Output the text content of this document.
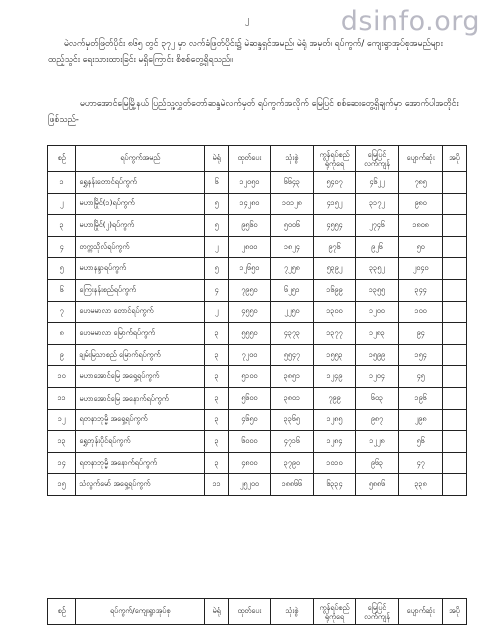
၂	dsinfo.org

မဲလက်မှတ်ဖြတ်ပိုင်း ၈၆၅ တွင် ၃၇၂ မှာ လက်ခံဖြတ်ပိုင်း၌ မဲဆန္ဒရှင်အမည်၊ မဲရုံ အမှတ်၊ ရပ်ကွက်/ ကျေးရွာအုပ်စုအမည်များ ထည့်သွင်း ရေးသားထားခြင်း မရှိကြောင်း စိစစ်တွေ့ရှိရသည်။

မဟာအောင်မြေမြို့နယ် ပြည်သူ့လွှတ်တော်ဆန္ဒမဲလက်မှတ် ရပ်ကွက်အလိုက် မြေပြင် စစ်ဆေးတွေ့ရှိချက်မှာ အောက်ပါအတိုင်းဖြစ်သည်-

စဉ်	ရပ်ကွက်အမည်	မဲရုံ	ထုတ်ပေး	သုံးစွဲ	ကွန်ရပ်စည်
ရုံကုံရေ	မြေပြင်
လက်ကျန်	ပျောက်ဆုံး	အပို
၁	ရွှေနန်းတောင်ရပ်ကွက်	၆	၁၂၀၅၀	၆၆၄၃	၅၄၀၇	၄၆၂၂	၇၈၅	
၂	မဟာမြိုင်(၁)ရပ်ကွက်	၅	၁၄၂၈၀	၁၀၁၂၈	၄၁၅၂	၃၁၇၂	၉၈၀	
၃	မဟာမြိုင်(၂)ရပ်ကွက်	၅	၉၅၆၀	၅၀၀၆	၄၅၅၄	၂၇၄၆	၁၈၀၈	
၄	တက္ကသိုလ်ရပ်ကွက်	၂	၂၈၀၀	၁၈၂၄	၉၇၆	၉၂၆	၅၀	
၅	မဟာနန္ဒာရပ်ကွက်	၅	၁၂၆၅၀	၇၂၅၈	၅၃၉၂	၃၃၅၂	၂၀၄၀	
၆	ကြေးနန်းစည်ရပ်ကွက်	၄	၇၉၅၀	၆၂၅၁	၁၆၉၉	၁၃၅၅	၃၄၄	
၇	ဟေမမာလာ တောင်ရပ်ကွက်	၂	၄၅၅၀	၂၂၅၀	၁၃၀၀	၁၂၀၀	၁၀၀	
၈	ဟေမမာလာ မြောက်ရပ်ကွက်	၃	၅၅၅၀	၄၃၇၃	၁၃၇၇	၁၂၈၃	၉၄	
၉	ချမ်းမြသာစည် မြောက်ရပ်ကွက်	၃	၇၂၀၀	၅၅၄၇	၁၅၅၃	၁၅၉၉	၁၅၄	
၁၀	မဟာအောင်မြေ အရှေ့ရပ်ကွက်	၃	၅၁၀၀	၃၈၅၁	၁၂၄၉	၁၂၀၄	၄၅	
၁၁	မဟာအောင်မြေ အနောက်ရပ်ကွက်	၃	၅၆၀၀	၃၈၀၁	၇၉၉	၆၀၃	၁၉၆	
၁၂	ရတနာဘုမ္မိ အရှေ့ရပ်ကွက်	၃	၄၆၅၀	၃၃၆၅	၁၂၈၅	၉၈၇	၂၉၈	
၁၃	ရွှေဘုန်းပိုင်ရပ်ကွက်	၃	၆၀၀၀	၄၇၁၆	၁၂၈၄	၁၂၂၈	၅၆	
၁၄	ရတနာဘုမ္မိ အနောက်ရပ်ကွက်	၃	၄၈၀၀	၃၇၉၀	၁၀၁၀	၉၆၃	၄၇	
၁၅	သံလွက်မော် အရှေ့ရပ်ကွက်	၁၁	၂၅၂၀၀	၁၈၈၆၆	၆၃၃၄	၅၈၈၆	၃၃၈	
စဉ်	ရပ်ကွက်/ကျေးရွာအုပ်စု	မဲရုံ	ထုတ်ပေး	သုံးစွဲ	ကွန်ရပ်စည်
ရုံကုံရေ	မြေပြင်
လက်ကျန်	ပျောက်ဆုံး	အပို
